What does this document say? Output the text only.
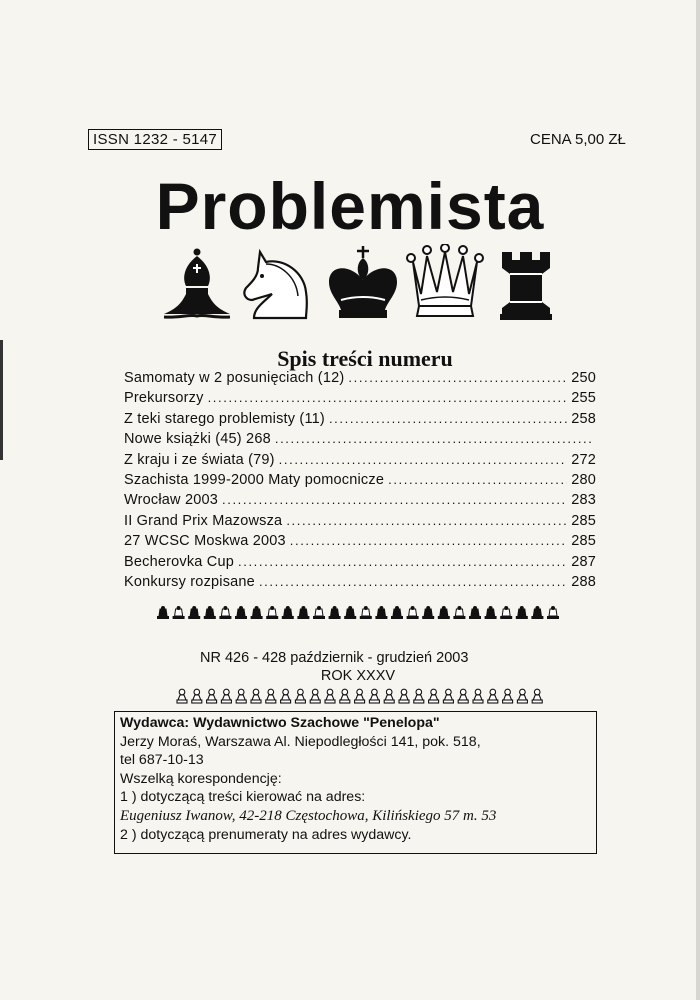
ISSN 1232 - 5147	CENA 5,00 ZŁ
Problemista
Spis treści numeru
Samomaty w 2 posunięciach (12) . . .	250
Prekursorzy . . .	255
Z teki starego problemisty (11) . . .	258
Nowe książki (45) 268
. . .
Z kraju i ze świata (79) . . .	272
Szachista 1999-2000 Maty pomocnicze . . .	280
Wrocław 2003 . . .	283
II Grand Prix Mazowsza . . .	285
27 WCSC Moskwa 2003 . . .	285
Becherovka Cup . . .	287
Konkursy rozpisane . . .	288
NR 426 - 428 październik - grudzień 2003
ROK XXXV
Wydawca: Wydawnictwo Szachowe "Penelopa"
Jerzy Moraś, Warszawa Al. Niepodległości 141, pok. 518,
tel 687-10-13
Wszelką korespondencję:
1 ) dotyczącą treści kierować na adres:
Eugeniusz Iwanow, 42-218 Częstochowa, Kilińskiego 57 m. 53
2 ) dotyczącą prenumeraty na adres wydawcy.
